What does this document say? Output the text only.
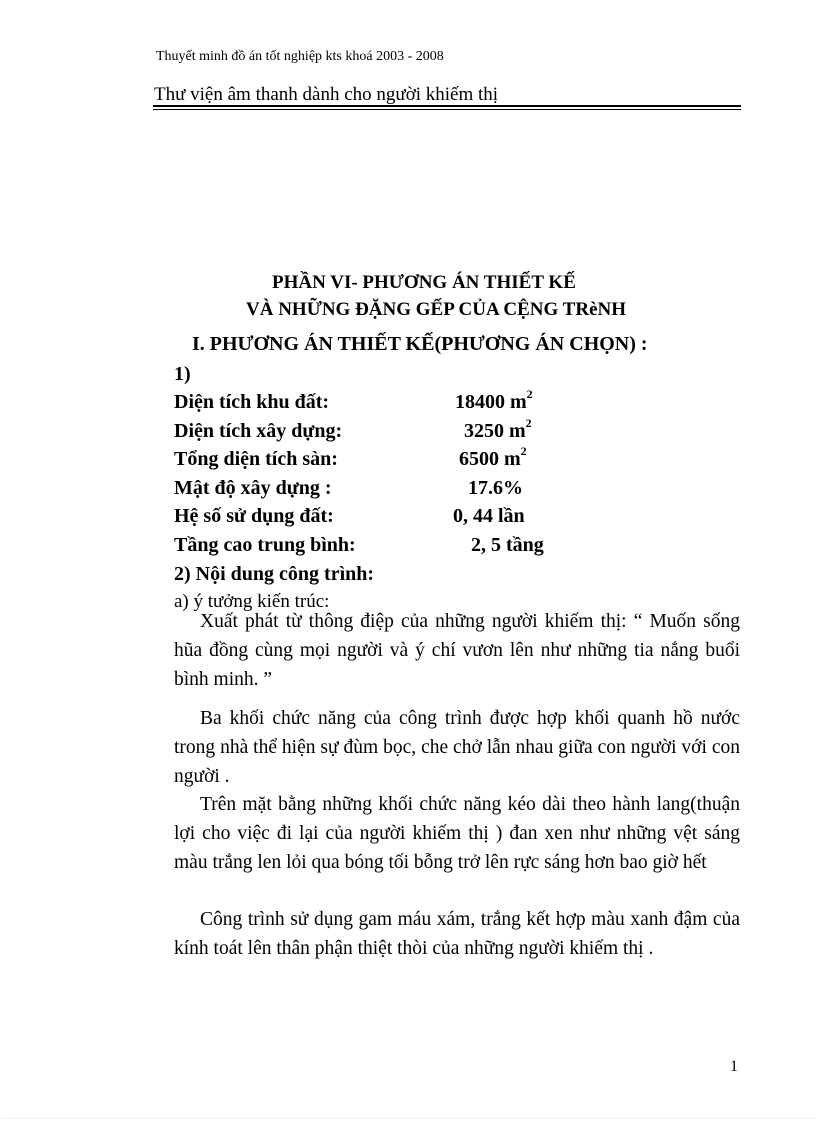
Thuyết minh đồ án tốt nghiệp kts khoá 2003 - 2008
Thư viện âm thanh dành cho người khiếm thị
PHẦN VI- PHƯƠNG ÁN THIẾT KẾ
VÀ NHỮNG ĐẶNG GẾP CỦA CỆNG TRèNH
I. PHƯƠNG ÁN THIẾT KẾ(PHƯƠNG ÁN CHỌN) :
1)
Diện tích khu đất:	18400 $m^2$
Diện tích xây dựng:	3250 $m^2$
Tổng diện tích sàn:	6500 $m^2$
Mật độ xây dựng :	17.6%
Hệ số sử dụng đất:	0, 44 lần
Tầng cao trung bình:	2, 5 tầng
2) Nội dung công trình:
a) ý tưởng kiến trúc:

Xuất phát từ thông điệp của những người khiếm thị: “ Muốn sống hũa đồng cùng mọi người và ý chí vươn lên như những tia nắng buổi bình minh. ”

Ba khối chức năng của công trình được hợp khối quanh hồ nước trong nhà thể hiện sự đùm bọc, che chở lẫn nhau giữa con người với con người .

Trên mặt bằng những khối chức năng kéo dài theo hành lang(thuận lợi cho việc đi lại của người khiếm thị ) đan xen như những vệt sáng màu trắng len lỏi qua bóng tối bỗng trở lên rực sáng hơn bao giờ hết

Công trình sử dụng gam máu xám, trắng kết hợp màu xanh đậm của kính toát lên thân phận thiệt thòi của những người khiếm thị .

1
